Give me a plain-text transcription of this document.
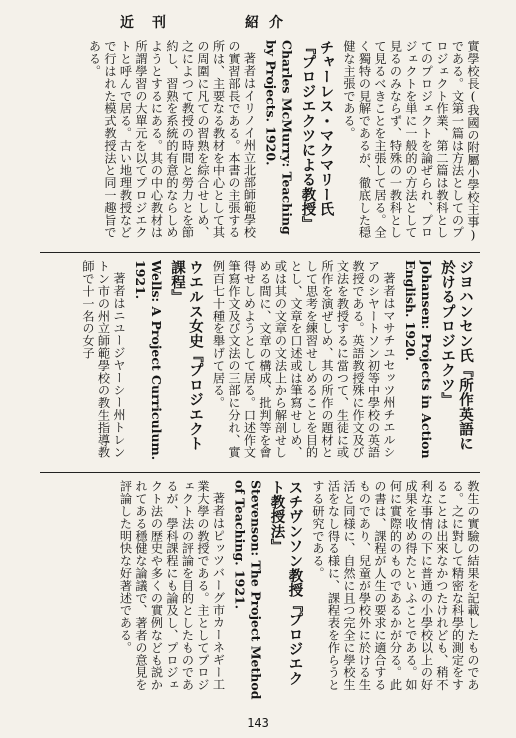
近刊	紹介

實學校長(我國の附屬小學校主事)である。文第一篇は方法としてのプロジェクト作業、第二篇は教科としてのプロジェクトを論ぜられ、プロジェクトを単に一般的の方法として見るのみならず、特殊の一教科として見るべきことを主張して居る。全く獨特の見解であるが、徹底した穏健な主張である。

チャーレス・マクマリー氏『プロジエクツによる教授』
Charles McMurry: Teaching by Projects. 1920.

著者はイリノイ州立北部師範學校の實習部長である。本書の主張する所は、主要なる教材を中心として其の周圍に凡ての習熟を綜合せしめ、之によつて教授の時間と勞力とを節約し、習熟を系統的有意的ならしめようとするにある。其の中心教材は所謂學習の大單元を以てプロジエクトと呼んで居る。古い地理教授などで行はれた模式教授法と同一趣旨である。

ジヨハンセン氏『所作英語に於けるプロジエクツ』
Johansen: Projects in Action English. 1920.

著者はマサチユセッツ州チエルシアのシヤートソン初等中學校の英語教授である。英語教授殊に作文及び文法を教授するに當つて、生徒に或所作を演ぜしめ、其の所作の題材として思考を練習せしめることを目的とし、文章を口述或は筆寫せしめ、或は其の文章の文法上から解剖せしめる間に、文章の構成、批判等を會得せしめようとして居る。口述作文筆寫作文及び文法の三部に分れ、實例百七十種を舉げて居る。

ウエルス女史『プロジエクト課程』
Wells: A Project Curriculum. 1921.

著者はニユージヤーシー州トレントン市の州立師範學校の教生指導教師で十一名の女子

教生の實驗の結果を記載したものである。之に對して精密な科學的測定をすることは出來なかつたけれども、稍不利な事情の下に普通の小學校以上の好成果を收め得たといふことである。如何に實際的のものであるかが分る。此の書は、課程が人生の要求に適合するものであり、兒童が學校外に於ける生活と同様に、自然に且つ完全に學校生活をなし得る様に、課程表を作らうとする研究である。

スチヴンソン教授『プロジエクト教授法』
Stevenson: The Project Method of Teaching. 1921.

著者はピッツバーグ市カーネギー工業大學の教授である。主としてプロジェクト法の評論を目的としたものであるが、學科課程にも論及し、プロジェクト法の歴史や多くの實例なども説かれてある穩健な論議で、著者の意見を評論した明快な好著述である。

143
